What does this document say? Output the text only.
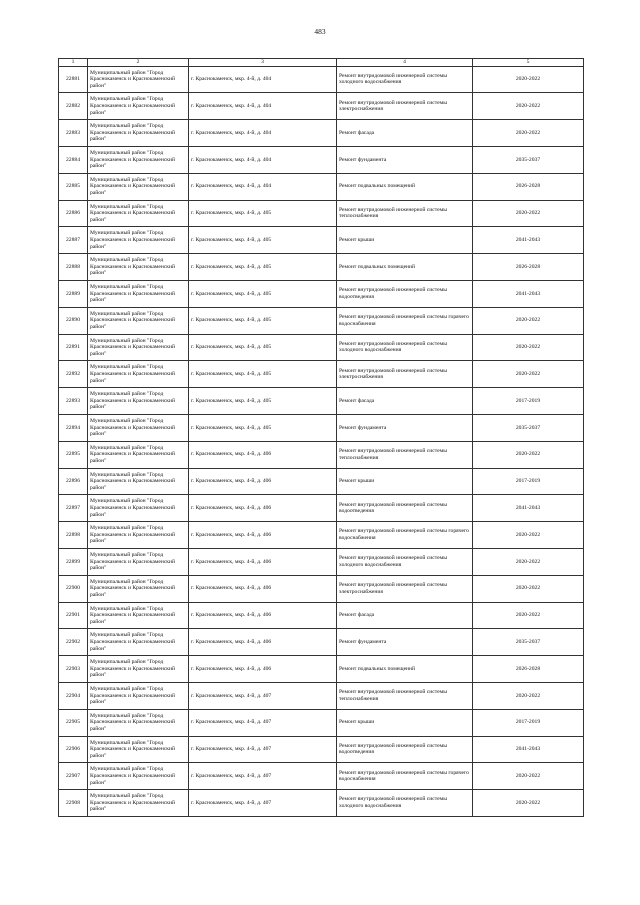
483
1	2	3	4	5
22881	Муниципальный район "Город Краснокаменск и Краснокаменский район"	г. Краснокаменск, мкр. 4-й, д. 404	Ремонт внутридомовой инженерной системы холодного водоснабжения	2020-2022
22882	Муниципальный район "Город Краснокаменск и Краснокаменский район"	г. Краснокаменск, мкр. 4-й, д. 404	Ремонт внутридомовой инженерной системы электроснабжения	2020-2022
22883	Муниципальный район "Город Краснокаменск и Краснокаменский район"	г. Краснокаменск, мкр. 4-й, д. 404	Ремонт фасада	2020-2022
22884	Муниципальный район "Город Краснокаменск и Краснокаменский район"	г. Краснокаменск, мкр. 4-й, д. 404	Ремонт фундамента	2035-2037
22885	Муниципальный район "Город Краснокаменск и Краснокаменский район"	г. Краснокаменск, мкр. 4-й, д. 404	Ремонт подвальных помещений	2026-2028
22886	Муниципальный район "Город Краснокаменск и Краснокаменский район"	г. Краснокаменск, мкр. 4-й, д. 405	Ремонт внутридомовой инженерной системы теплоснабжения	2020-2022
22887	Муниципальный район "Город Краснокаменск и Краснокаменский район"	г. Краснокаменск, мкр. 4-й, д. 405	Ремонт крыши	2041-2043
22888	Муниципальный район "Город Краснокаменск и Краснокаменский район"	г. Краснокаменск, мкр. 4-й, д. 405	Ремонт подвальных помещений	2026-2028
22889	Муниципальный район "Город Краснокаменск и Краснокаменский район"	г. Краснокаменск, мкр. 4-й, д. 405	Ремонт внутридомовой инженерной системы водоотведения	2041-2043
22890	Муниципальный район "Город Краснокаменск и Краснокаменский район"	г. Краснокаменск, мкр. 4-й, д. 405	Ремонт внутридомовой инженерной системы горячего водоснабжения	2020-2022
22891	Муниципальный район "Город Краснокаменск и Краснокаменский район"	г. Краснокаменск, мкр. 4-й, д. 405	Ремонт внутридомовой инженерной системы холодного водоснабжения	2020-2022
22892	Муниципальный район "Город Краснокаменск и Краснокаменский район"	г. Краснокаменск, мкр. 4-й, д. 405	Ремонт внутридомовой инженерной системы электроснабжения	2020-2022
22893	Муниципальный район "Город Краснокаменск и Краснокаменский район"	г. Краснокаменск, мкр. 4-й, д. 405	Ремонт фасада	2017-2019
22894	Муниципальный район "Город Краснокаменск и Краснокаменский район"	г. Краснокаменск, мкр. 4-й, д. 405	Ремонт фундамента	2035-2037
22895	Муниципальный район "Город Краснокаменск и Краснокаменский район"	г. Краснокаменск, мкр. 4-й, д. 406	Ремонт внутридомовой инженерной системы теплоснабжения	2020-2022
22896	Муниципальный район "Город Краснокаменск и Краснокаменский район"	г. Краснокаменск, мкр. 4-й, д. 406	Ремонт крыши	2017-2019
22897	Муниципальный район "Город Краснокаменск и Краснокаменский район"	г. Краснокаменск, мкр. 4-й, д. 406	Ремонт внутридомовой инженерной системы водоотведения	2041-2043
22898	Муниципальный район "Город Краснокаменск и Краснокаменский район"	г. Краснокаменск, мкр. 4-й, д. 406	Ремонт внутридомовой инженерной системы горячего водоснабжения	2020-2022
22899	Муниципальный район "Город Краснокаменск и Краснокаменский район"	г. Краснокаменск, мкр. 4-й, д. 406	Ремонт внутридомовой инженерной системы холодного водоснабжения	2020-2022
22900	Муниципальный район "Город Краснокаменск и Краснокаменский район"	г. Краснокаменск, мкр. 4-й, д. 406	Ремонт внутридомовой инженерной системы электроснабжения	2020-2022
22901	Муниципальный район "Город Краснокаменск и Краснокаменский район"	г. Краснокаменск, мкр. 4-й, д. 406	Ремонт фасада	2020-2022
22902	Муниципальный район "Город Краснокаменск и Краснокаменский район"	г. Краснокаменск, мкр. 4-й, д. 406	Ремонт фундамента	2035-2037
22903	Муниципальный район "Город Краснокаменск и Краснокаменский район"	г. Краснокаменск, мкр. 4-й, д. 406	Ремонт подвальных помещений	2026-2028
22904	Муниципальный район "Город Краснокаменск и Краснокаменский район"	г. Краснокаменск, мкр. 4-й, д. 407	Ремонт внутридомовой инженерной системы теплоснабжения	2020-2022
22905	Муниципальный район "Город Краснокаменск и Краснокаменский район"	г. Краснокаменск, мкр. 4-й, д. 407	Ремонт крыши	2017-2019
22906	Муниципальный район "Город Краснокаменск и Краснокаменский район"	г. Краснокаменск, мкр. 4-й, д. 407	Ремонт внутридомовой инженерной системы водоотведения	2041-2043
22907	Муниципальный район "Город Краснокаменск и Краснокаменский район"	г. Краснокаменск, мкр. 4-й, д. 407	Ремонт внутридомовой инженерной системы горячего водоснабжения	2020-2022
22908	Муниципальный район "Город Краснокаменск и Краснокаменский район"	г. Краснокаменск, мкр. 4-й, д. 407	Ремонт внутридомовой инженерной системы холодного водоснабжения	2020-2022
